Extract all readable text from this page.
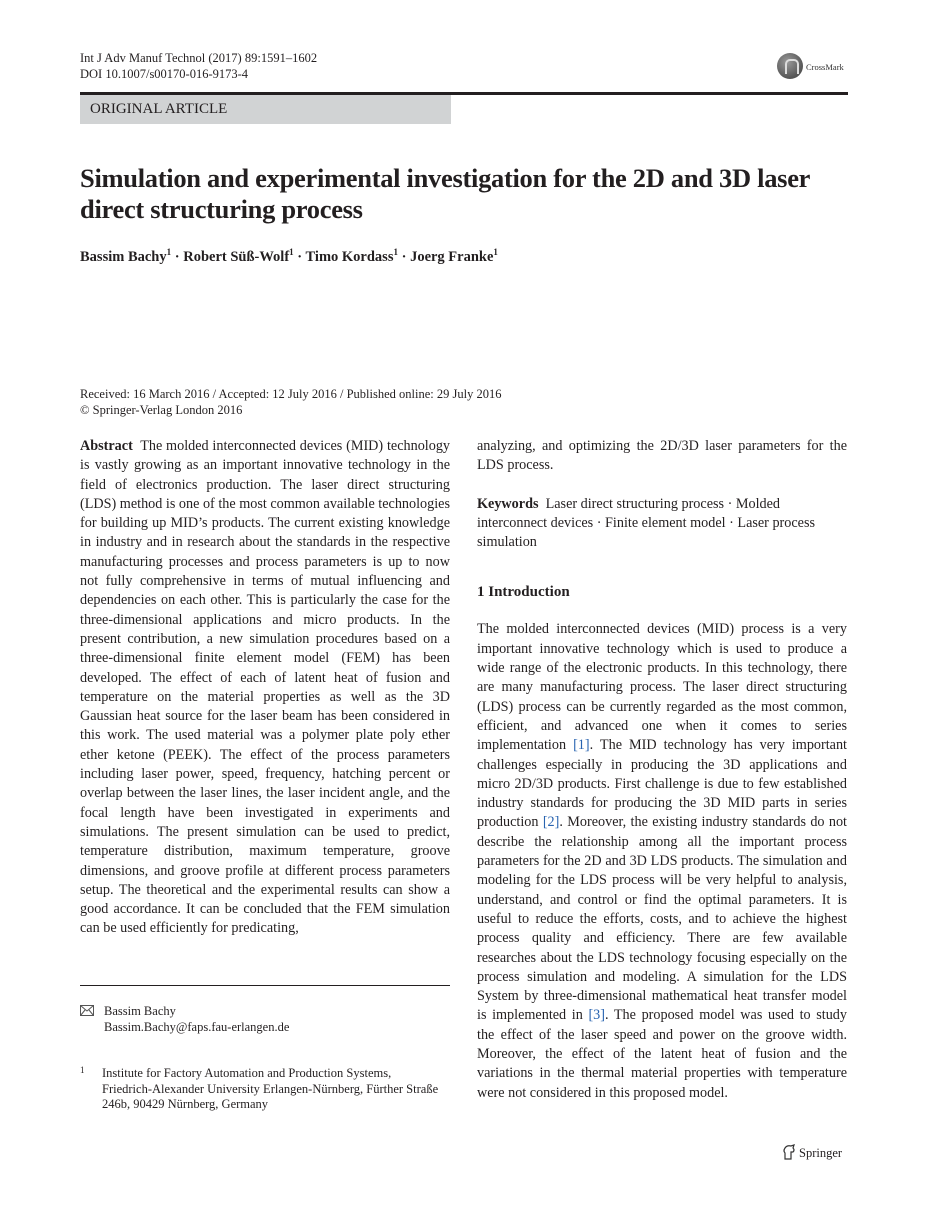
Int J Adv Manuf Technol (2017) 89:1591–1602
DOI 10.1007/s00170-016-9173-4	CrossMark
ORIGINAL ARTICLE
Simulation and experimental investigation for the 2D and 3D laser direct structuring process
Bassim Bachy$^1$ · Robert Süß-Wolf$^1$ · Timo Kordass$^1$ · Joerg Franke$^1$
Received: 16 March 2016 / Accepted: 12 July 2016 / Published online: 29 July 2016
© Springer-Verlag London 2016

Abstract The molded interconnected devices (MID) technology is vastly growing as an important innovative technology in the field of electronics production. The laser direct structuring (LDS) method is one of the most common available technologies for building up MID’s products. The current existing knowledge in industry and in research about the standards in the respective manufacturing processes and process parameters is up to now not fully comprehensive in terms of mutual influencing and dependencies on each other. This is particularly the case for the three-dimensional applications and micro products. In the present contribution, a new simulation procedures based on a three-dimensional finite element model (FEM) has been developed. The effect of each of latent heat of fusion and temperature on the material properties as well as the 3D Gaussian heat source for the laser beam has been considered in this work. The used material was a polymer plate poly ether ether ketone (PEEK). The effect of the process parameters including laser power, speed, frequency, hatching percent or overlap between the laser lines, the laser incident angle, and the focal length have been investigated in experiments and simulations. The present simulation can be used to predict, temperature distribution, maximum temperature, groove dimensions, and groove profile at different process parameters setup. The theoretical and the experimental results can show a good accordance. It can be concluded that the FEM simulation can be used efficiently for predicating,

analyzing, and optimizing the 2D/3D laser parameters for the LDS process.

Keywords Laser direct structuring process · Molded interconnect devices · Finite element model · Laser process simulation

1 Introduction

The molded interconnected devices (MID) process is a very important innovative technology which is used to produce a wide range of the electronic products. In this technology, there are many manufacturing process. The laser direct structuring (LDS) process can be currently regarded as the most common, efficient, and advanced one when it comes to series implementation [1]. The MID technology has very important challenges especially in producing the 3D applications and micro 2D/3D products. First challenge is due to few established industry standards for producing the 3D MID parts in series production [2]. Moreover, the existing industry standards do not describe the relationship among all the important process parameters for the 2D and 3D LDS products. The simulation and modeling for the LDS process will be very helpful to analysis, understand, and control or find the optimal parameters. It is useful to reduce the efforts, costs, and to achieve the highest process quality and efficiency. There are few available researches about the LDS technology focusing especially on the process simulation and modeling. A simulation for the LDS System by three-dimensional mathematical heat transfer model is implemented in [3]. The proposed model was used to study the effect of the laser speed and power on the groove width. Moreover, the effect of the latent heat of fusion and the variations in the thermal material properties with temperature were not considered in this proposed model.

Bassim Bachy
Bassim.Bachy@faps.fau-erlangen.de
1 Institute for Factory Automation and Production Systems,
Friedrich-Alexander University Erlangen-Nürnberg, Fürther Straße
246b, 90429 Nürnberg, Germany
Springer
